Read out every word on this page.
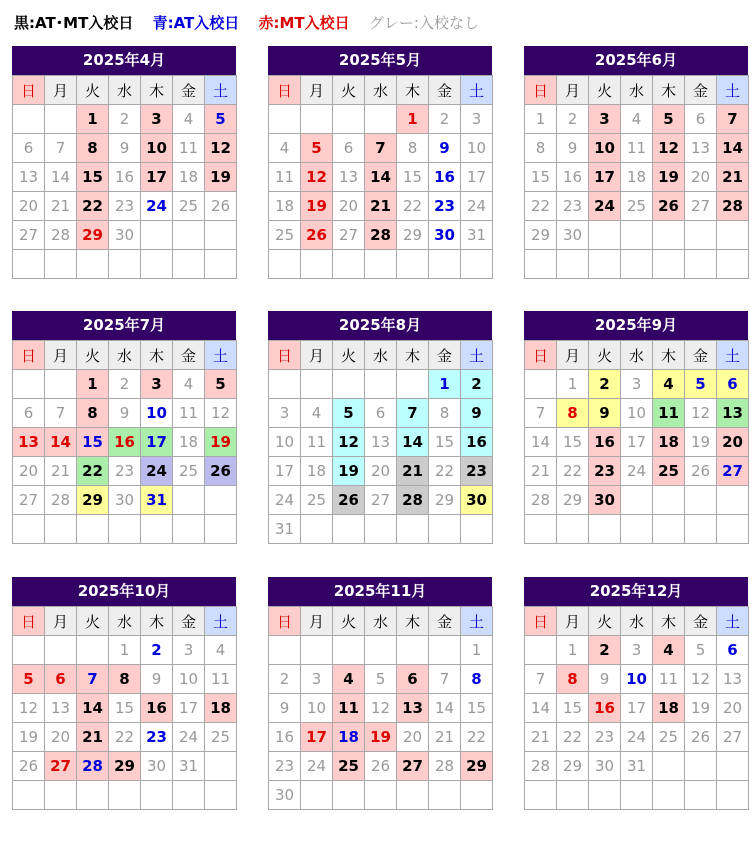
黒:AT･MT入校日 青:AT入校日 赤:MT入校日 グレー:入校なし
2025年4月
日	月	火	水	木	金	土
		1	2	3	4	5
6	7	8	9	10	11	12
13	14	15	16	17	18	19
20	21	22	23	24	25	26
27	28	29	30			

2025年5月
日	月	火	水	木	金	土
				1	2	3
4	5	6	7	8	9	10
11	12	13	14	15	16	17
18	19	20	21	22	23	24
25	26	27	28	29	30	31

2025年6月
日	月	火	水	木	金	土
1	2	3	4	5	6	7
8	9	10	11	12	13	14
15	16	17	18	19	20	21
22	23	24	25	26	27	28
29	30					

2025年7月
日	月	火	水	木	金	土
		1	2	3	4	5
6	7	8	9	10	11	12
13	14	15	16	17	18	19
20	21	22	23	24	25	26
27	28	29	30	31		

2025年8月
日	月	火	水	木	金	土
					1	2
3	4	5	6	7	8	9
10	11	12	13	14	15	16
17	18	19	20	21	22	23
24	25	26	27	28	29	30
31						
2025年9月
日	月	火	水	木	金	土
	1	2	3	4	5	6
7	8	9	10	11	12	13
14	15	16	17	18	19	20
21	22	23	24	25	26	27
28	29	30				

2025年10月
日	月	火	水	木	金	土
			1	2	3	4
5	6	7	8	9	10	11
12	13	14	15	16	17	18
19	20	21	22	23	24	25
26	27	28	29	30	31	

2025年11月
日	月	火	水	木	金	土
						1
2	3	4	5	6	7	8
9	10	11	12	13	14	15
16	17	18	19	20	21	22
23	24	25	26	27	28	29
30						
2025年12月
日	月	火	水	木	金	土
	1	2	3	4	5	6
7	8	9	10	11	12	13
14	15	16	17	18	19	20
21	22	23	24	25	26	27
28	29	30	31			
